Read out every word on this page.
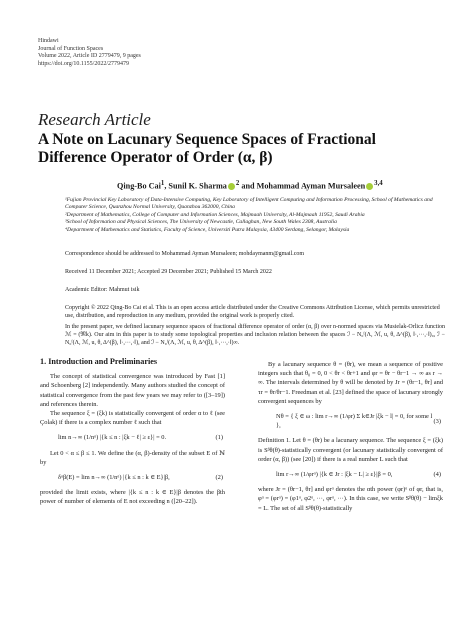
Hindawi
Journal of Function Spaces
Volume 2022, Article ID 2779479, 9 pages
https://doi.org/10.1155/2022/2779479
Research Article
A Note on Lacunary Sequence Spaces of Fractional Difference Operator of Order (α, β)
Qing-Bo Cai$^1$, Sunil K. Sharma $^2$ and Mohammad Ayman Mursaleen $^{3,4}$
¹Fujian Provincial Key Laboratory of Data-Intensive Computing, Key Laboratory of Intelligent Computing and Information Processing, School of Mathematics and Computer Science, Quanzhou Normal University, Quanzhou 362000, China
²Department of Mathematics, College of Computer and Information Sciences, Majmaah University, Al-Majmaah 11952, Saudi Arabia
³School of Information and Physical Sciences, The University of Newcastle, Callaghan, New South Wales 2308, Australia
⁴Department of Mathematics and Statistics, Faculty of Science, Universiti Putra Malaysia, 43400 Serdang, Selangor, Malaysia
Correspondence should be addressed to Mohammad Ayman Mursaleen; mohdaymanm@gmail.com
Received 11 December 2021; Accepted 29 December 2021; Published 15 March 2022
Academic Editor: Mahmut isik
Copyright © 2022 Qing-Bo Cai et al. This is an open access article distributed under the Creative Commons Attribution License, which permits unrestricted use, distribution, and reproduction in any medium, provided the original work is properly cited.
In the present paper, we defined lacunary sequence spaces of fractional difference operator of order (α, β) over n-normed spaces via Musielak-Orlicz function ℳ = (𝔐k). Our aim in this paper is to study some topological properties and inclusion relation between the spaces ℐ − N₀ᶠ(Λ, ℳ, u, θ, Δ^(β), ‖·,···,·‖)₀, ℐ − N₀ᶠ(Λ, ℳ, u, θ, Δ^(β), ‖·,···,·‖), and ℐ − N₀ᶠ(Λ, ℳ, u, θ, Δ^(β), ‖·,···,·‖)∞.
1. Introduction and Preliminaries

The concept of statistical convergence was introduced by Fast [1] and Schoenberg [2] independently. Many authors studied the concept of statistical convergence from the past few years we may refer to ([3–19]) and references therein.

The sequence ξ = (ξk) is statistically convergent of order α to ℓ (see Çolak) if there is a complex number ℓ such that

lim n→∞ (1/nᵅ) |{k ≤ n : |ξk − ℓ| ≥ ε}| = 0.	(1)

Let 0 < α ≤ β ≤ 1. We define the (α, β)-density of the subset E of ℕ by

δᵅβ(E) = lim n→∞ (1/nᵅ) |{k ≤ n : k ∈ E}|β,	(2)

provided the limit exists, where |{k ≤ n : k ∈ E}|β denotes the βth power of number of elements of E not exceeding n ([20–22]).

By a lacunary sequence θ = (θr), we mean a sequence of positive integers such that θ₀ = 0, 0 < θr < θr+1 and φr = θr − θr−1 → ∞ as r → ∞. The intervals determined by θ will be denoted by Jr = (θr−1, θr] and τr = θr/θr−1. Freedman et al. [23] defined the space of lacunary strongly convergent sequences by

Nθ = { ξ ∈ ω : lim r→∞ (1/φr) Σ k∈Jr |ξk − l| = 0, for some l },
(3)

Definition 1. Let θ = (θr) be a lacunary sequence. The sequence ξ = (ξk) is Sᵝθ(θ)-statistically convergent (or lacunary statistically convergent of order (α, β)) (see [20]) if there is a real number L such that

lim r→∞ (1/φrᵅ) |{k ∈ Jr : |ξk − L| ≥ ε}|β = 0,	(4)

where Jr = (θr−1, θr] and φrᵅ denotes the αth power (φr)ᵅ of φr, that is, φᵅ = (φrᵅ) = (φ1ᵅ, φ2ᵅ, ···, φrᵅ, ···). In this case, we write Sᵝθ(θ) − limξk = L. The set of all Sᵝθ(θ)-statistically
